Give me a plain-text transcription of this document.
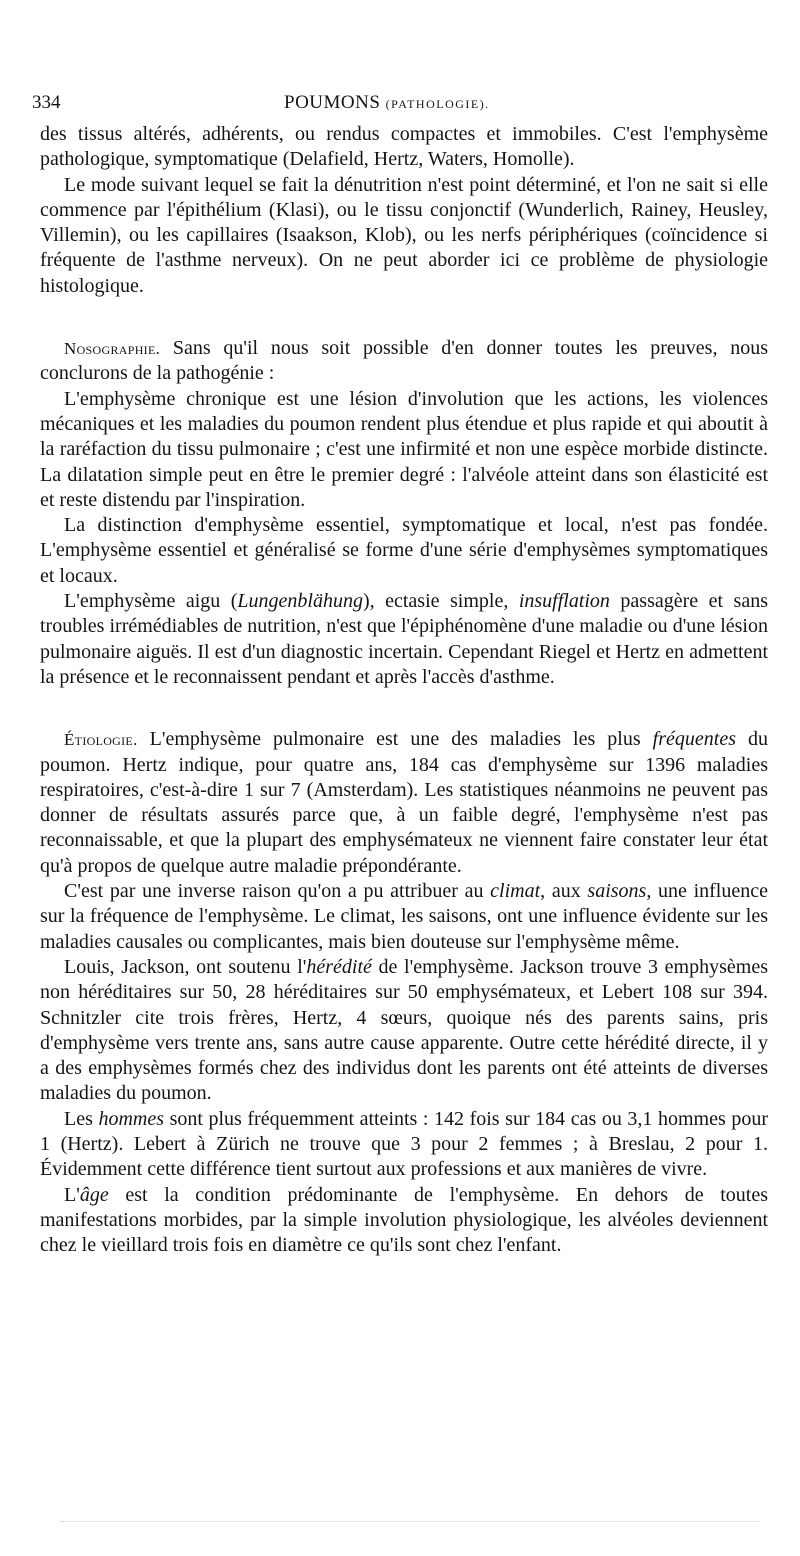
334	POUMONS (PATHOLOGIE).

des tissus altérés, adhérents, ou rendus compactes et immobiles. C'est l'emphysème pathologique, symptomatique (Delafield, Hertz, Waters, Homolle).

Le mode suivant lequel se fait la dénutrition n'est point déterminé, et l'on ne sait si elle commence par l'épithélium (Klasi), ou le tissu conjonctif (Wunderlich, Rainey, Heusley, Villemin), ou les capillaires (Isaakson, Klob), ou les nerfs périphériques (coïncidence si fréquente de l'asthme nerveux). On ne peut aborder ici ce problème de physiologie histologique.

Nosographie. Sans qu'il nous soit possible d'en donner toutes les preuves, nous conclurons de la pathogénie :

L'emphysème chronique est une lésion d'involution que les actions, les violences mécaniques et les maladies du poumon rendent plus étendue et plus rapide et qui aboutit à la raréfaction du tissu pulmonaire ; c'est une infirmité et non une espèce morbide distincte. La dilatation simple peut en être le premier degré : l'alvéole atteint dans son élasticité est et reste distendu par l'inspiration.

La distinction d'emphysème essentiel, symptomatique et local, n'est pas fondée. L'emphysème essentiel et généralisé se forme d'une série d'emphysèmes symptomatiques et locaux.

L'emphysème aigu (Lungenblähung), ectasie simple, insufflation passagère et sans troubles irrémédiables de nutrition, n'est que l'épiphénomène d'une maladie ou d'une lésion pulmonaire aiguës. Il est d'un diagnostic incertain. Cependant Riegel et Hertz en admettent la présence et le reconnaissent pendant et après l'accès d'asthme.

Étiologie. L'emphysème pulmonaire est une des maladies les plus fréquentes du poumon. Hertz indique, pour quatre ans, 184 cas d'emphysème sur 1396 maladies respiratoires, c'est-à-dire 1 sur 7 (Amsterdam). Les statistiques néanmoins ne peuvent pas donner de résultats assurés parce que, à un faible degré, l'emphysème n'est pas reconnaissable, et que la plupart des emphysémateux ne viennent faire constater leur état qu'à propos de quelque autre maladie prépondérante.

C'est par une inverse raison qu'on a pu attribuer au climat, aux saisons, une influence sur la fréquence de l'emphysème. Le climat, les saisons, ont une influence évidente sur les maladies causales ou complicantes, mais bien douteuse sur l'emphysème même.

Louis, Jackson, ont soutenu l'hérédité de l'emphysème. Jackson trouve 3 emphysèmes non héréditaires sur 50, 28 héréditaires sur 50 emphysémateux, et Lebert 108 sur 394. Schnitzler cite trois frères, Hertz, 4 sœurs, quoique nés des parents sains, pris d'emphysème vers trente ans, sans autre cause apparente. Outre cette hérédité directe, il y a des emphysèmes formés chez des individus dont les parents ont été atteints de diverses maladies du poumon.

Les hommes sont plus fréquemment atteints : 142 fois sur 184 cas ou 3,1 hommes pour 1 (Hertz). Lebert à Zürich ne trouve que 3 pour 2 femmes ; à Breslau, 2 pour 1. Évidemment cette différence tient surtout aux professions et aux manières de vivre.

L'âge est la condition prédominante de l'emphysème. En dehors de toutes manifestations morbides, par la simple involution physiologique, les alvéoles deviennent chez le vieillard trois fois en diamètre ce qu'ils sont chez l'enfant.
